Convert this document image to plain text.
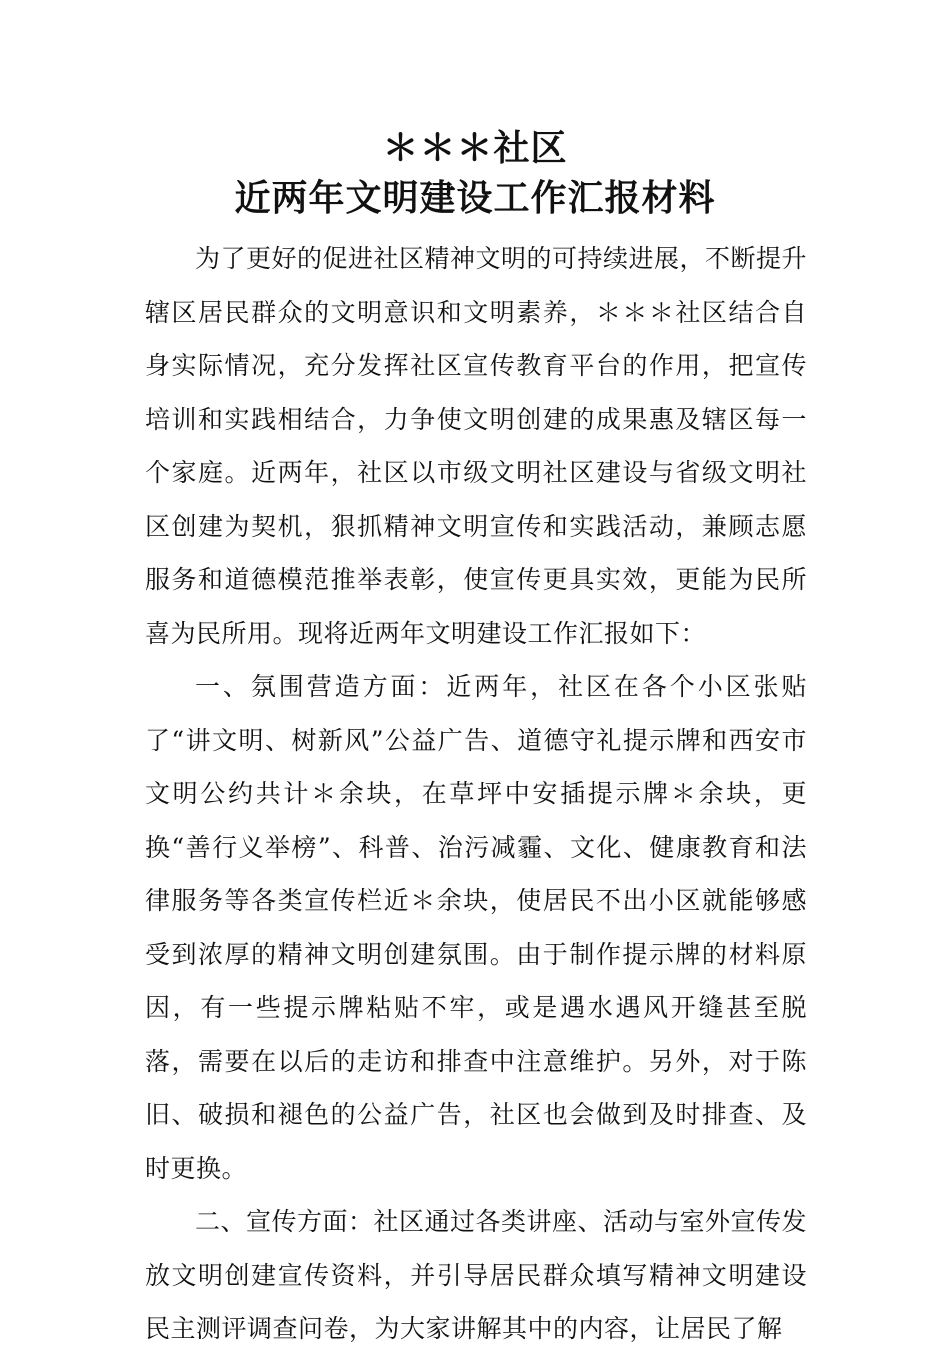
＊＊＊社区
近两年文明建设工作汇报材料

为了更好的促进社区精神文明的可持续进展，不断提升辖区居民群众的文明意识和文明素养，＊＊＊社区结合自身实际情况，充分发挥社区宣传教育平台的作用，把宣传培训和实践相结合，力争使文明创建的成果惠及辖区每一个家庭。近两年，社区以市级文明社区建设与省级文明社区创建为契机，狠抓精神文明宣传和实践活动，兼顾志愿服务和道德模范推举表彰，使宣传更具实效，更能为民所喜为民所用。现将近两年文明建设工作汇报如下：

一、氛围营造方面：近两年，社区在各个小区张贴了“讲文明、树新风”公益广告、道德守礼提示牌和西安市文明公约共计＊余块，在草坪中安插提示牌＊余块，更换“善行义举榜”、科普、治污减霾、文化、健康教育和法律服务等各类宣传栏近＊余块，使居民不出小区就能够感受到浓厚的精神文明创建氛围。由于制作提示牌的材料原因，有一些提示牌粘贴不牢，或是遇水遇风开缝甚至脱落，需要在以后的走访和排查中注意维护。另外，对于陈旧、破损和褪色的公益广告，社区也会做到及时排查、及时更换。

二、宣传方面：社区通过各类讲座、活动与室外宣传发放文明创建宣传资料，并引导居民群众填写精神文明建设民主测评调查问卷，为大家讲解其中的内容，让居民了解
